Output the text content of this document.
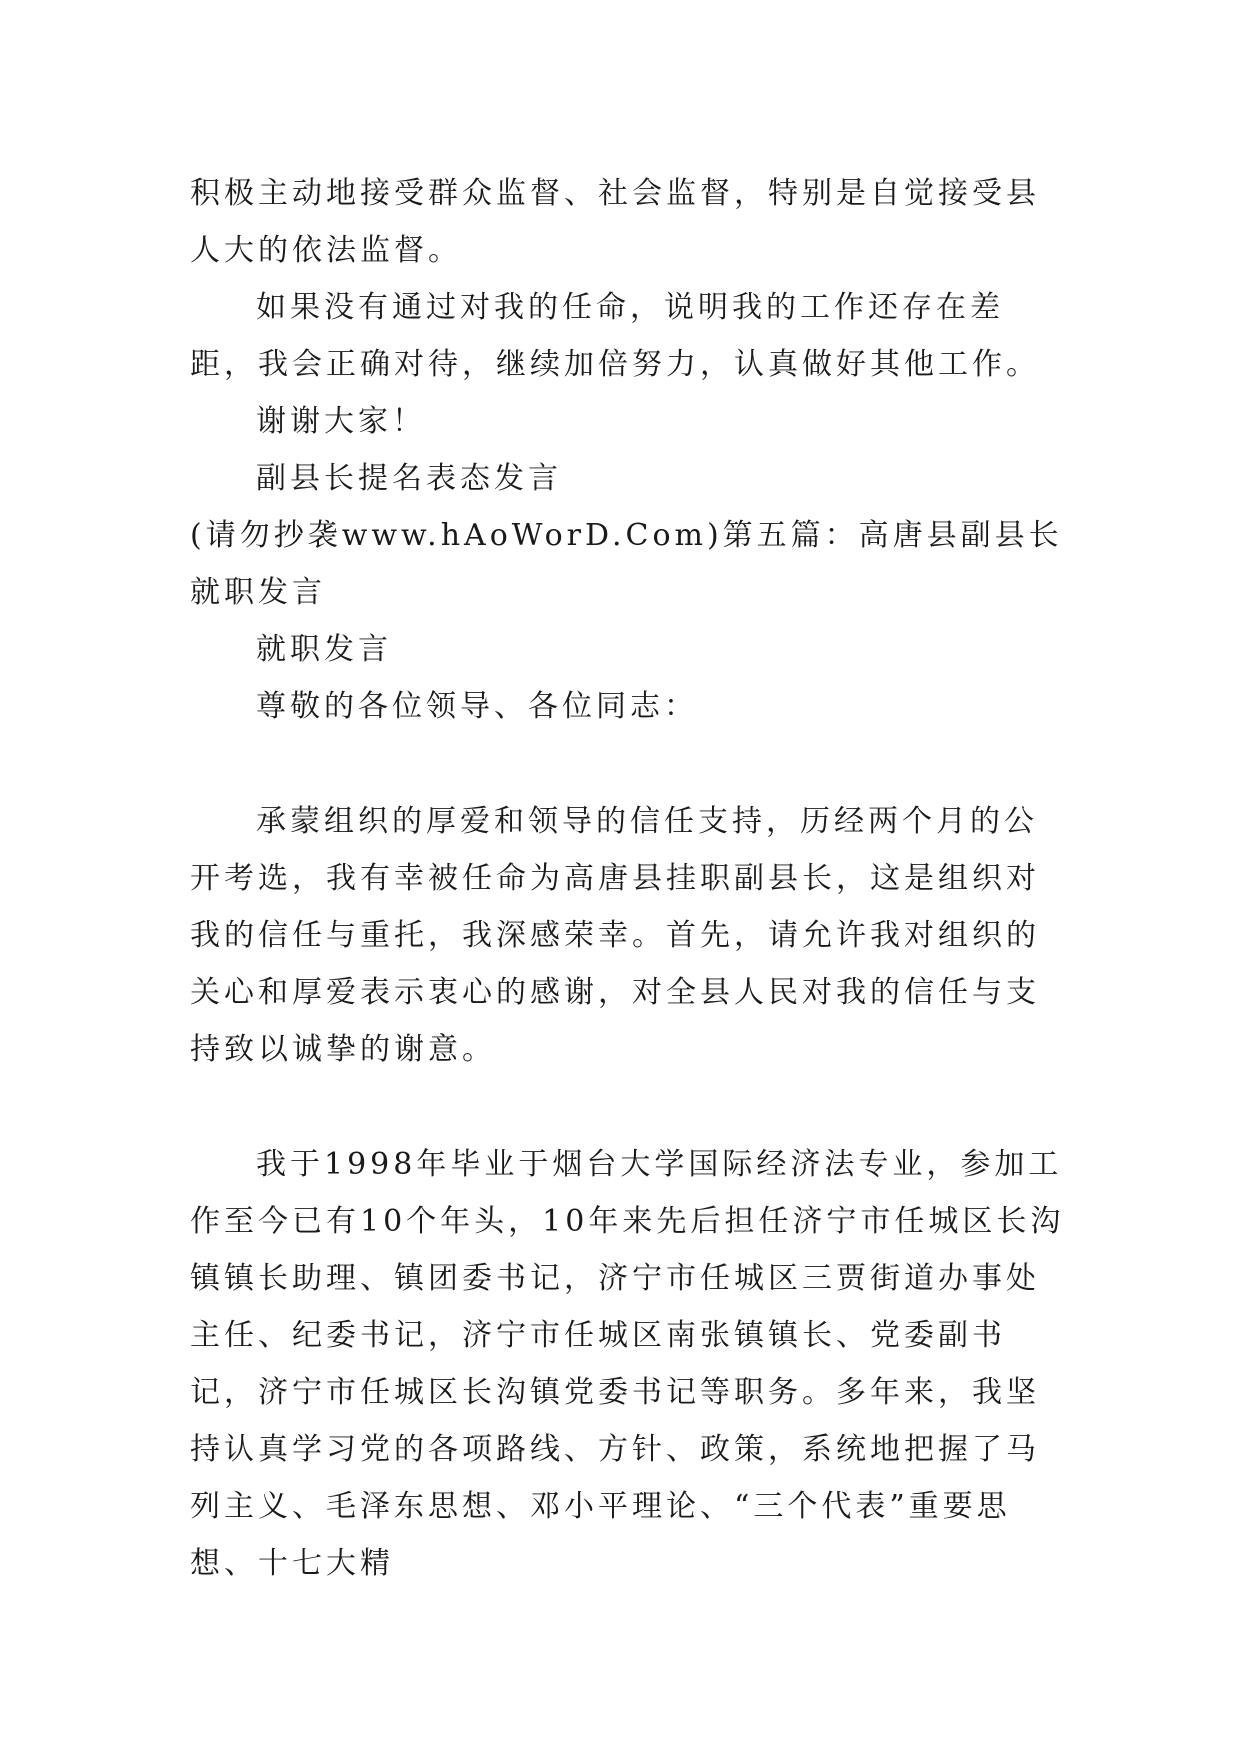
积极主动地接受群众监督、社会监督，特别是自觉接受县人大的依法监督。

如果没有通过对我的任命，说明我的工作还存在差距，我会正确对待，继续加倍努力，认真做好其他工作。

谢谢大家！

副县长提名表态发言

(请勿抄袭www.hAoWorD.Com)第五篇：高唐县副县长就职发言

就职发言

尊敬的各位领导、各位同志：

承蒙组织的厚爱和领导的信任支持，历经两个月的公开考选，我有幸被任命为高唐县挂职副县长，这是组织对我的信任与重托，我深感荣幸。首先，请允许我对组织的关心和厚爱表示衷心的感谢，对全县人民对我的信任与支持致以诚挚的谢意。

我于1998年毕业于烟台大学国际经济法专业，参加工作至今已有10个年头，10年来先后担任济宁市任城区长沟镇镇长助理、镇团委书记，济宁市任城区三贾街道办事处主任、纪委书记，济宁市任城区南张镇镇长、党委副书记，济宁市任城区长沟镇党委书记等职务。多年来，我坚持认真学习党的各项路线、方针、政策，系统地把握了马列主义、毛泽东思想、邓小平理论、“三个代表”重要思想、十七大精
